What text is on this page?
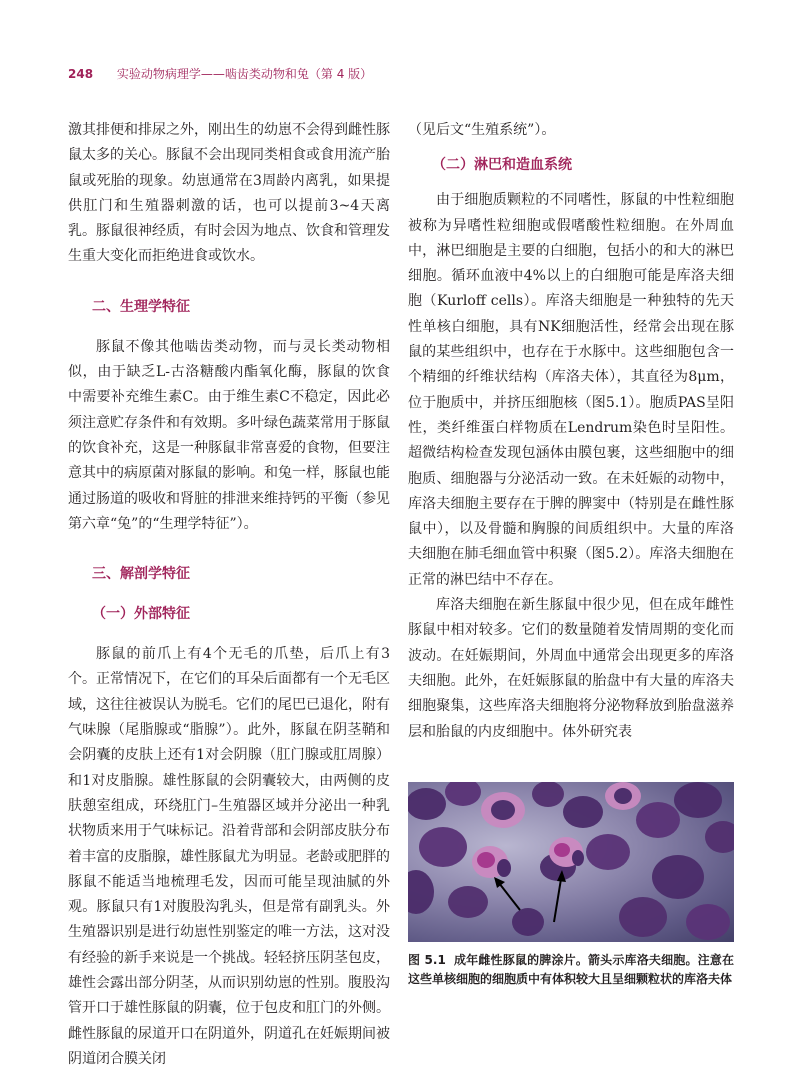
248 实验动物病理学——啮齿类动物和兔（第 4 版）

激其排便和排尿之外，刚出生的幼崽不会得到雌性豚鼠太多的关心。豚鼠不会出现同类相食或食用流产胎鼠或死胎的现象。幼崽通常在3周龄内离乳，如果提供肛门和生殖器刺激的话，也可以提前3~4天离乳。豚鼠很神经质，有时会因为地点、饮食和管理发生重大变化而拒绝进食或饮水。

二、生理学特征

豚鼠不像其他啮齿类动物，而与灵长类动物相似，由于缺乏L-古洛糖酸内酯氧化酶，豚鼠的饮食中需要补充维生素C。由于维生素C不稳定，因此必须注意贮存条件和有效期。多叶绿色蔬菜常用于豚鼠的饮食补充，这是一种豚鼠非常喜爱的食物，但要注意其中的病原菌对豚鼠的影响。和兔一样，豚鼠也能通过肠道的吸收和肾脏的排泄来维持钙的平衡（参见第六章“兔”的“生理学特征”）。

三、解剖学特征
（一）外部特征

豚鼠的前爪上有4个无毛的爪垫，后爪上有3个。正常情况下，在它们的耳朵后面都有一个无毛区域，这往往被误认为脱毛。它们的尾巴已退化，附有气味腺（尾脂腺或“脂腺”）。此外，豚鼠在阴茎鞘和会阴囊的皮肤上还有1对会阴腺（肛门腺或肛周腺）和1对皮脂腺。雄性豚鼠的会阴囊较大，由两侧的皮肤憩室组成，环绕肛门–生殖器区域并分泌出一种乳状物质来用于气味标记。沿着背部和会阴部皮肤分布着丰富的皮脂腺，雄性豚鼠尤为明显。老龄或肥胖的豚鼠不能适当地梳理毛发，因而可能呈现油腻的外观。豚鼠只有1对腹股沟乳头，但是常有副乳头。外生殖器识别是进行幼崽性别鉴定的唯一方法，这对没有经验的新手来说是一个挑战。轻轻挤压阴茎包皮，雄性会露出部分阴茎，从而识别幼崽的性别。腹股沟管开口于雄性豚鼠的阴囊，位于包皮和肛门的外侧。雌性豚鼠的尿道开口在阴道外，阴道孔在妊娠期间被阴道闭合膜关闭

（见后文“生殖系统”）。

（二）淋巴和造血系统

由于细胞质颗粒的不同嗜性，豚鼠的中性粒细胞被称为异嗜性粒细胞或假嗜酸性粒细胞。在外周血中，淋巴细胞是主要的白细胞，包括小的和大的淋巴细胞。循环血液中4%以上的白细胞可能是库洛夫细胞（Kurloff cells）。库洛夫细胞是一种独特的先天性单核白细胞，具有NK细胞活性，经常会出现在豚鼠的某些组织中，也存在于水豚中。这些细胞包含一个精细的纤维状结构（库洛夫体），其直径为8μm，位于胞质中，并挤压细胞核（图5.1）。胞质PAS呈阳性，类纤维蛋白样物质在Lendrum染色时呈阳性。超微结构检查发现包涵体由膜包裹，这些细胞中的细胞质、细胞器与分泌活动一致。在未妊娠的动物中，库洛夫细胞主要存在于脾的脾窦中（特别是在雌性豚鼠中），以及骨髓和胸腺的间质组织中。大量的库洛夫细胞在肺毛细血管中积聚（图5.2）。库洛夫细胞在正常的淋巴结中不存在。

库洛夫细胞在新生豚鼠中很少见，但在成年雌性豚鼠中相对较多。它们的数量随着发情周期的变化而波动。在妊娠期间，外周血中通常会出现更多的库洛夫细胞。此外，在妊娠豚鼠的胎盘中有大量的库洛夫细胞聚集，这些库洛夫细胞将分泌物释放到胎盘滋养层和胎鼠的内皮细胞中。体外研究表

图 5.1 成年雌性豚鼠的脾涂片。箭头示库洛夫细胞。注意在这些单核细胞的细胞质中有体积较大且呈细颗粒状的库洛夫体
